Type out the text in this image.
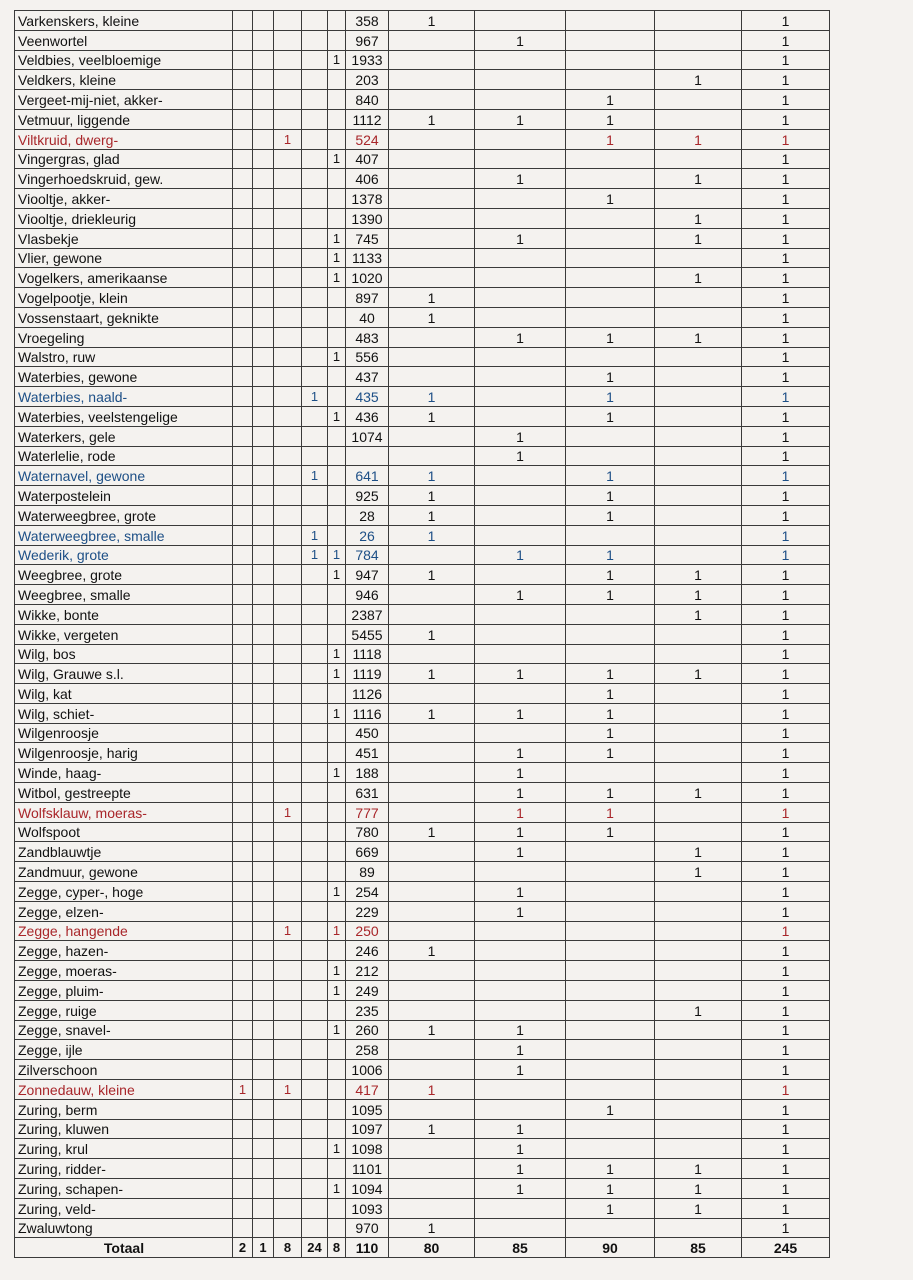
Varkenskers, kleine						358	1				1
Veenwortel						967		1			1
Veldbies, veelbloemige					1	1933					1
Veldkers, kleine						203				1	1
Vergeet-mij-niet, akker-						840			1		1
Vetmuur, liggende						1112	1	1	1		1
Viltkruid, dwerg-			1			524			1	1	1
Vingergras, glad					1	407					1
Vingerhoedskruid, gew.						406		1		1	1
Viooltje, akker-						1378			1		1
Viooltje, driekleurig						1390				1	1
Vlasbekje					1	745		1		1	1
Vlier, gewone					1	1133					1
Vogelkers, amerikaanse					1	1020				1	1
Vogelpootje, klein						897	1				1
Vossenstaart, geknikte						40	1				1
Vroegeling						483		1	1	1	1
Walstro, ruw					1	556					1
Waterbies, gewone						437			1		1
Waterbies, naald-				1		435	1		1		1
Waterbies, veelstengelige					1	436	1		1		1
Waterkers, gele						1074		1			1
Waterlelie, rode								1			1
Waternavel, gewone				1		641	1		1		1
Waterpostelein						925	1		1		1
Waterweegbree, grote						28	1		1		1
Waterweegbree, smalle				1		26	1				1
Wederik, grote				1	1	784		1	1		1
Weegbree, grote					1	947	1		1	1	1
Weegbree, smalle						946		1	1	1	1
Wikke, bonte						2387				1	1
Wikke, vergeten						5455	1				1
Wilg, bos					1	1118					1
Wilg, Grauwe s.l.					1	1119	1	1	1	1	1
Wilg, kat						1126			1		1
Wilg, schiet-					1	1116	1	1	1		1
Wilgenroosje						450			1		1
Wilgenroosje, harig						451		1	1		1
Winde, haag-					1	188		1			1
Witbol, gestreepte						631		1	1	1	1
Wolfsklauw, moeras-			1			777		1	1		1
Wolfspoot						780	1	1	1		1
Zandblauwtje						669		1		1	1
Zandmuur, gewone						89				1	1
Zegge, cyper-, hoge					1	254		1			1
Zegge, elzen-						229		1			1
Zegge, hangende			1		1	250					1
Zegge, hazen-						246	1				1
Zegge, moeras-					1	212					1
Zegge, pluim-					1	249					1
Zegge, ruige						235				1	1
Zegge, snavel-					1	260	1	1			1
Zegge, ijle						258		1			1
Zilverschoon						1006		1			1
Zonnedauw, kleine	1		1			417	1				1
Zuring, berm						1095			1		1
Zuring, kluwen						1097	1	1			1
Zuring, krul					1	1098		1			1
Zuring, ridder-						1101		1	1	1	1
Zuring, schapen-					1	1094		1	1	1	1
Zuring, veld-						1093			1	1	1
Zwaluwtong						970	1				1
Totaal	2	1	8	24	8	110	80	85	90	85	245
